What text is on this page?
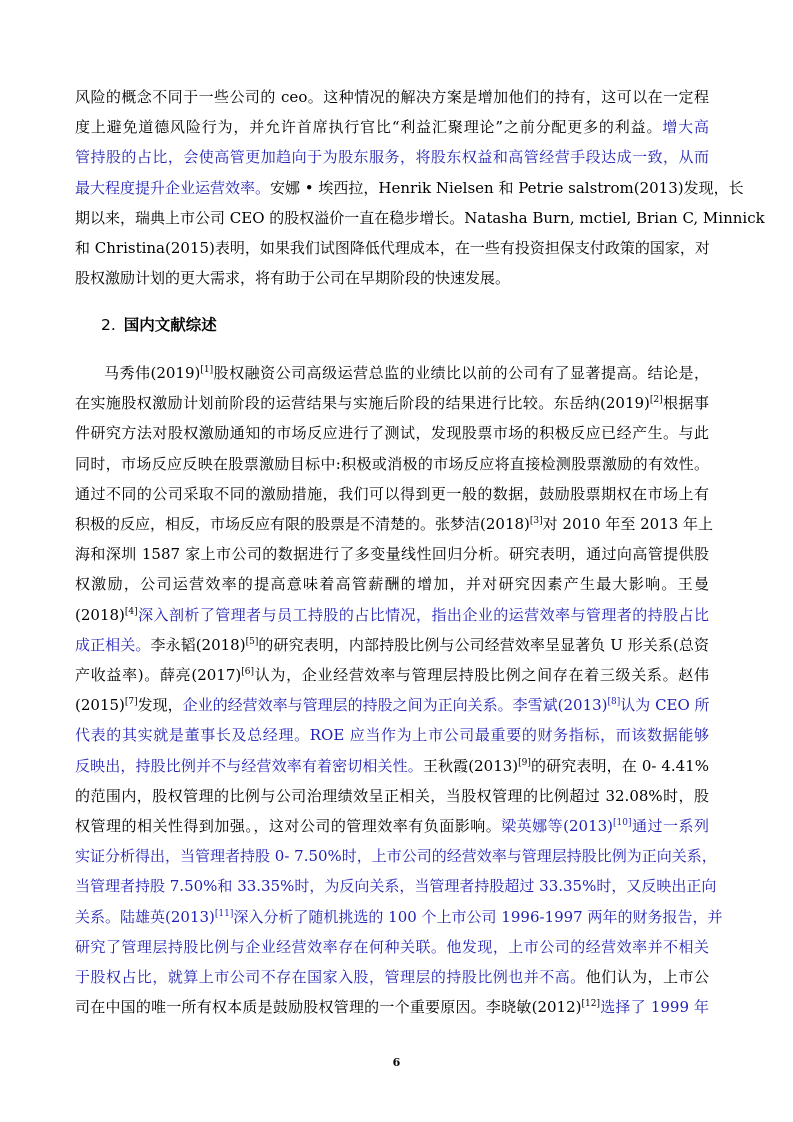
风险的概念不同于一些公司的 ceo。这种情况的解决方案是增加他们的持有，这可以在一定程
度上避免道德风险行为，并允许首席执行官比“利益汇聚理论”之前分配更多的利益。增大高
管持股的占比，会使高管更加趋向于为股东服务，将股东权益和高管经营手段达成一致，从而
最大程度提升企业运营效率。安娜 • 埃西拉，Henrik Nielsen 和 Petrie salstrom(2013)发现，长
期以来，瑞典上市公司 CEO 的股权溢价一直在稳步增长。Natasha Burn, mctiel, Brian C, Minnick
和 Christina(2015)表明，如果我们试图降低代理成本，在一些有投资担保支付政策的国家，对
股权激励计划的更大需求，将有助于公司在早期阶段的快速发展。
2. 国内文献综述
马秀伟(2019)[1]股权融资公司高级运营总监的业绩比以前的公司有了显著提高。结论是，
在实施股权激励计划前阶段的运营结果与实施后阶段的结果进行比较。东岳纳(2019)[2]根据事
件研究方法对股权激励通知的市场反应进行了测试，发现股票市场的积极反应已经产生。与此
同时，市场反应反映在股票激励目标中:积极或消极的市场反应将直接检测股票激励的有效性。
通过不同的公司采取不同的激励措施，我们可以得到更一般的数据，鼓励股票期权在市场上有
积极的反应，相反，市场反应有限的股票是不清楚的。张梦洁(2018)[3]对 2010 年至 2013 年上
海和深圳 1587 家上市公司的数据进行了多变量线性回归分析。研究表明，通过向高管提供股
权激励，公司运营效率的提高意味着高管薪酬的增加，并对研究因素产生最大影响。王曼
(2018)[4]深入剖析了管理者与员工持股的占比情况，指出企业的运营效率与管理者的持股占比
成正相关。李永韬(2018)[5]的研究表明，内部持股比例与公司经营效率呈显著负 U 形关系(总资
产收益率)。薛亮(2017)[6]认为，企业经营效率与管理层持股比例之间存在着三级关系。赵伟
(2015)[7]发现，企业的经营效率与管理层的持股之间为正向关系。李雪斌(2013)[8]认为 CEO 所
代表的其实就是董事长及总经理。ROE 应当作为上市公司最重要的财务指标，而该数据能够
反映出，持股比例并不与经营效率有着密切相关性。王秋霞(2013)[9]的研究表明，在 0- 4.41%
的范围内，股权管理的比例与公司治理绩效呈正相关，当股权管理的比例超过 32.08%时，股
权管理的相关性得到加强。，这对公司的管理效率有负面影响。梁英娜等(2013)[10]通过一系列
实证分析得出，当管理者持股 0- 7.50%时，上市公司的经营效率与管理层持股比例为正向关系，
当管理者持股 7.50%和 33.35%时，为反向关系，当管理者持股超过 33.35%时，又反映出正向
关系。陆雄英(2013)[11]深入分析了随机挑选的 100 个上市公司 1996-1997 两年的财务报告，并
研究了管理层持股比例与企业经营效率存在何种关联。他发现，上市公司的经营效率并不相关
于股权占比，就算上市公司不存在国家入股，管理层的持股比例也并不高。他们认为，上市公
司在中国的唯一所有权本质是鼓励股权管理的一个重要原因。李晓敏(2012)[12]选择了 1999 年
6
